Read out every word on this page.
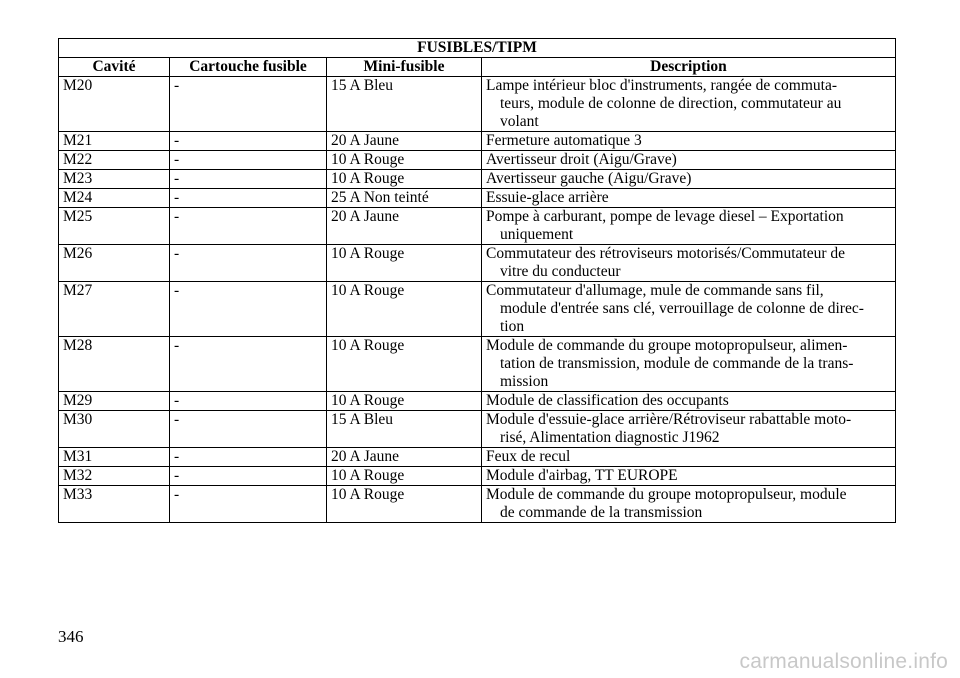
FUSIBLES/TIPM			
Cavité	Cartouche fusible	Mini-fusible	Description
M20	-	15 A Bleu	Lampe intérieur bloc d'instruments, rangée de commuta-
teurs, module de colonne de direction, commutateur au
volant

M21	-	20 A Jaune	Fermeture automatique 3

M22	-	10 A Rouge	Avertisseur droit (Aigu/Grave)

M23	-	10 A Rouge	Avertisseur gauche (Aigu/Grave)

M24	-	25 A Non teinté	Essuie-glace arrière

M25	-	20 A Jaune	Pompe à carburant, pompe de levage diesel – Exportation
uniquement

M26	-	10 A Rouge	Commutateur des rétroviseurs motorisés/Commutateur de
vitre du conducteur

M27	-	10 A Rouge	Commutateur d'allumage, mule de commande sans fil,
module d'entrée sans clé, verrouillage de colonne de direc-
tion

M28	-	10 A Rouge	Module de commande du groupe motopropulseur, alimen-
tation de transmission, module de commande de la trans-
mission

M29	-	10 A Rouge	Module de classification des occupants

M30	-	15 A Bleu	Module d'essuie-glace arrière/Rétroviseur rabattable moto-
risé, Alimentation diagnostic J1962

M31	-	20 A Jaune	Feux de recul

M32	-	10 A Rouge	Module d'airbag, TT EUROPE

M33	-	10 A Rouge	Module de commande du groupe motopropulseur, module
de commande de la transmission
346
carmanualsonline.info
